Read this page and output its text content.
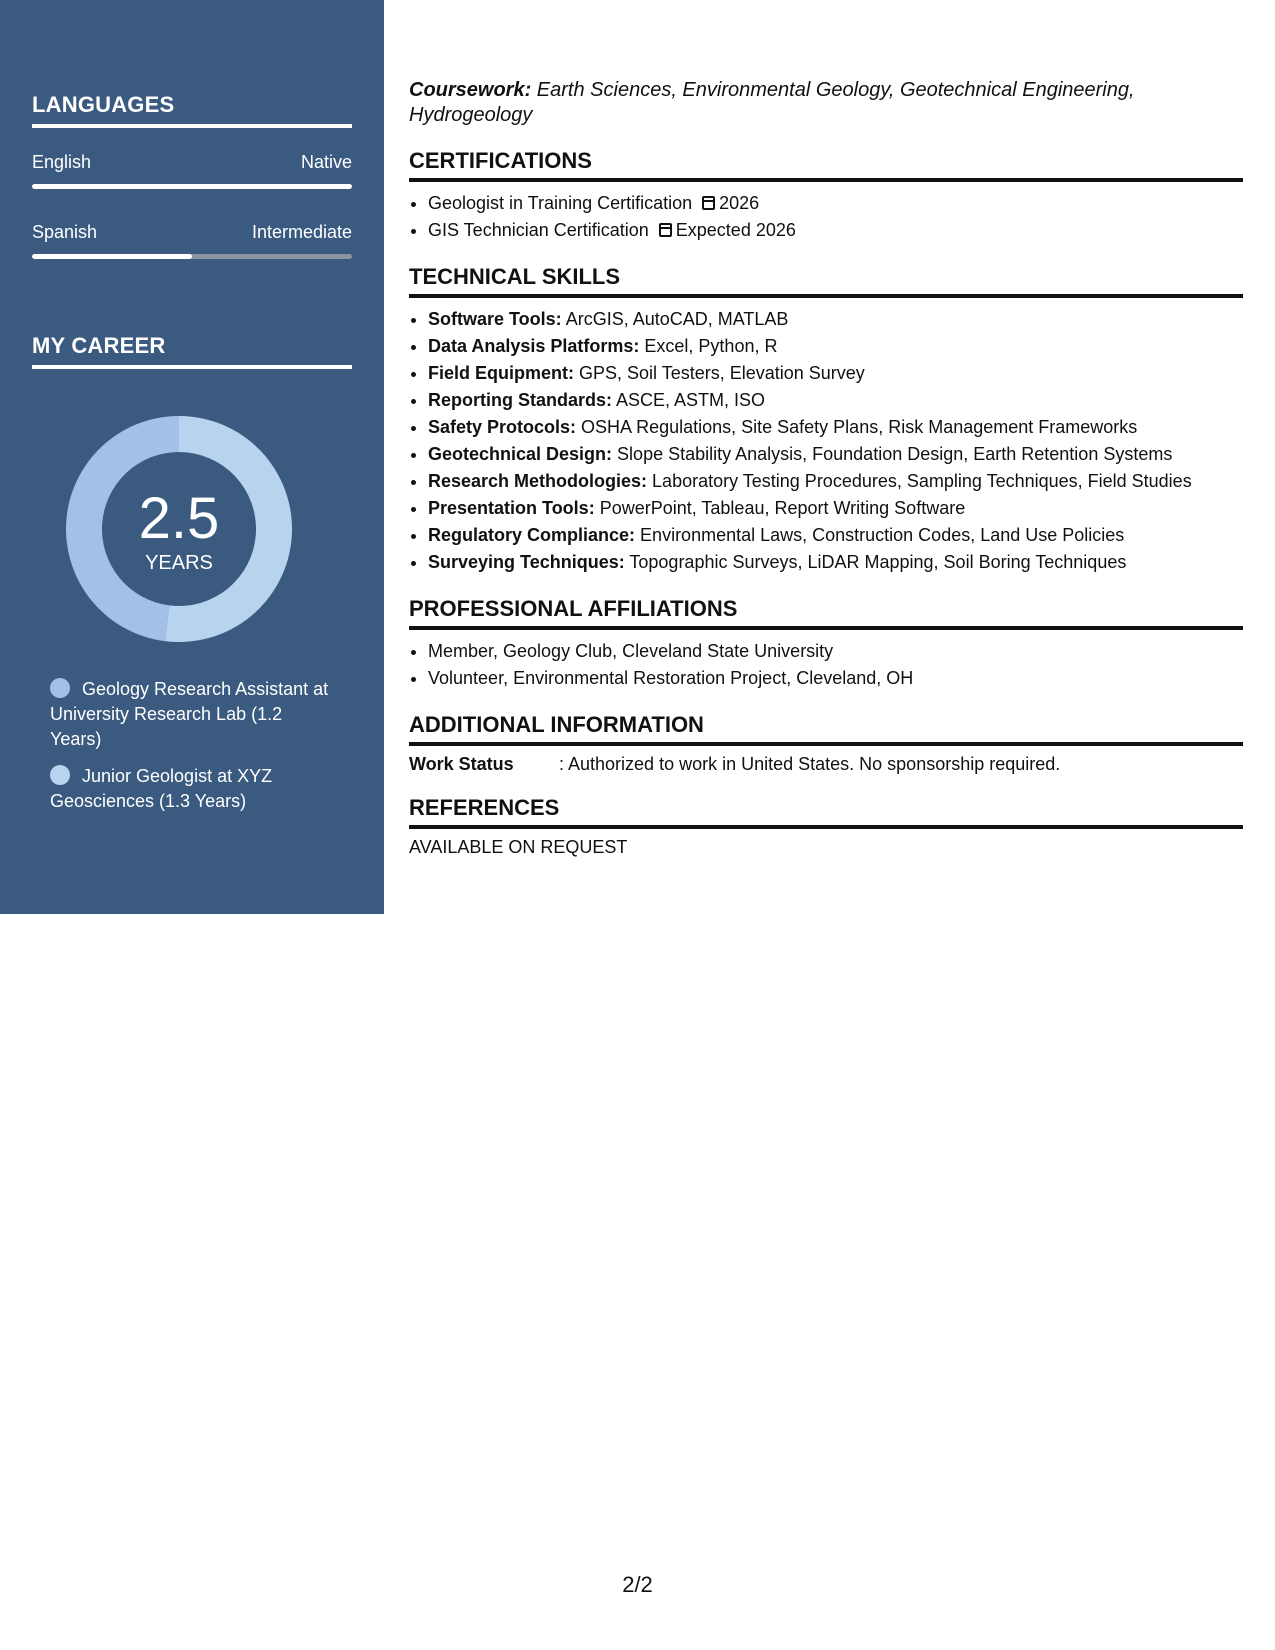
LANGUAGES
English	Native
Spanish	Intermediate
MY CAREER
2.5
YEARS
Geology Research Assistant at University Research Lab (1.2 Years)
Junior Geologist at XYZ Geosciences (1.3 Years)
Coursework: Earth Sciences, Environmental Geology, Geotechnical Engineering, Hydrogeology
CERTIFICATIONS
• Geologist in Training Certification 2026
• GIS Technician Certification Expected 2026
TECHNICAL SKILLS
• Software Tools: ArcGIS, AutoCAD, MATLAB
• Data Analysis Platforms: Excel, Python, R
• Field Equipment: GPS, Soil Testers, Elevation Survey
• Reporting Standards: ASCE, ASTM, ISO
• Safety Protocols: OSHA Regulations, Site Safety Plans, Risk Management Frameworks
• Geotechnical Design: Slope Stability Analysis, Foundation Design, Earth Retention Systems
• Research Methodologies: Laboratory Testing Procedures, Sampling Techniques, Field Studies
• Presentation Tools: PowerPoint, Tableau, Report Writing Software
• Regulatory Compliance: Environmental Laws, Construction Codes, Land Use Policies
• Surveying Techniques: Topographic Surveys, LiDAR Mapping, Soil Boring Techniques
PROFESSIONAL AFFILIATIONS
• Member, Geology Club, Cleveland State University
• Volunteer, Environmental Restoration Project, Cleveland, OH
ADDITIONAL INFORMATION
Work Status	: Authorized to work in United States. No sponsorship required.
REFERENCES
AVAILABLE ON REQUEST
2/2
